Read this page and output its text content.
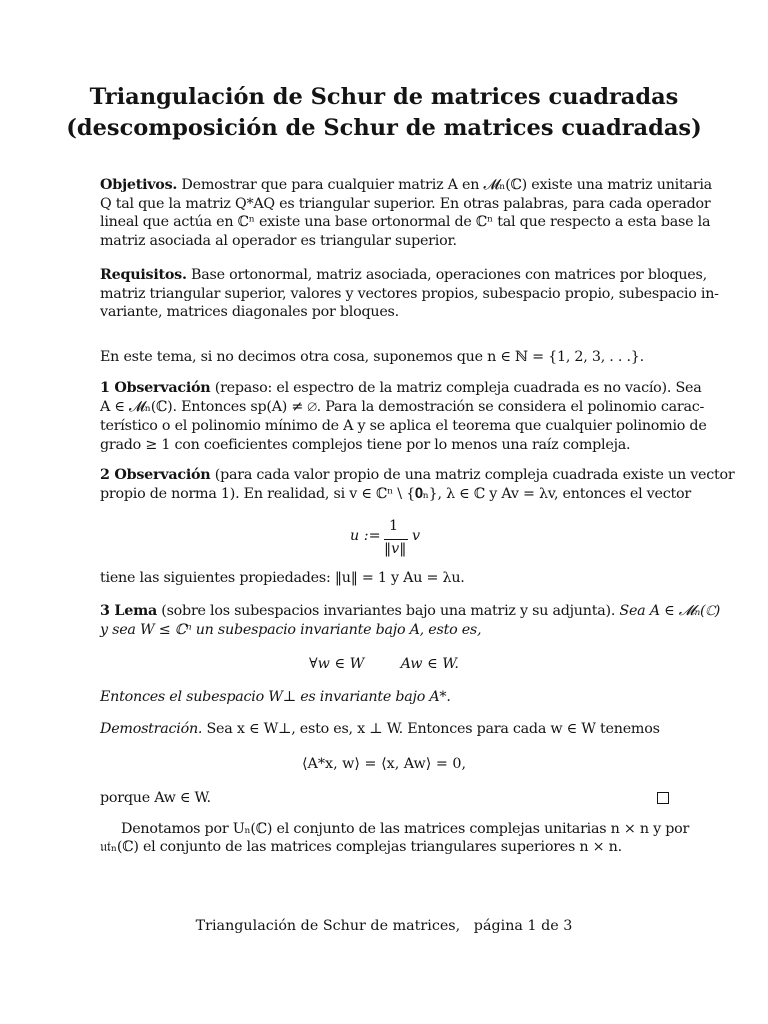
Triangulación de Schur de matrices cuadradas
(descomposición de Schur de matrices cuadradas)
Objetivos. Demostrar que para cualquier matriz A en 𝓜ₙ(ℂ) existe una matriz unitaria
Q tal que la matriz Q*AQ es triangular superior. En otras palabras, para cada operador
lineal que actúa en ℂⁿ existe una base ortonormal de ℂⁿ tal que respecto a esta base la
matriz asociada al operador es triangular superior.
Requisitos. Base ortonormal, matriz asociada, operaciones con matrices por bloques,
matriz triangular superior, valores y vectores propios, subespacio propio, subespacio in-
variante, matrices diagonales por bloques.
En este tema, si no decimos otra cosa, suponemos que n ∈ ℕ = {1, 2, 3, . . .}.
1 Observación (repaso: el espectro de la matriz compleja cuadrada es no vacío). Sea
A ∈ 𝓜ₙ(ℂ). Entonces sp(A) ≠ ∅. Para la demostración se considera el polinomio carac-
terístico o el polinomio mínimo de A y se aplica el teorema que cualquier polinomio de
grado ≥ 1 con coeficientes complejos tiene por lo menos una raíz compleja.
2 Observación (para cada valor propio de una matriz compleja cuadrada existe un vector
propio de norma 1). En realidad, si v ∈ ℂⁿ \ {𝟎ₙ}, λ ∈ ℂ y Av = λv, entonces el vector
u :=
1
‖v‖
v
tiene las siguientes propiedades: ‖u‖ = 1 y Au = λu.
3 Lema (sobre los subespacios invariantes bajo una matriz y su adjunta). Sea A ∈ 𝓜ₙ(ℂ)
y sea W ≤ ℂⁿ un subespacio invariante bajo A, esto es,
∀w ∈ W        Aw ∈ W.
Entonces el subespacio W⊥ es invariante bajo A*.
Demostración. Sea x ∈ W⊥, esto es, x ⊥ W. Entonces para cada w ∈ W tenemos
⟨A*x, w⟩ = ⟨x, Aw⟩ = 0,
porque Aw ∈ W.
Denotamos por Uₙ(ℂ) el conjunto de las matrices complejas unitarias n × n y por
𝔲𝔱ₙ(ℂ) el conjunto de las matrices complejas triangulares superiores n × n.
Triangulación de Schur de matrices,   página 1 de 3
